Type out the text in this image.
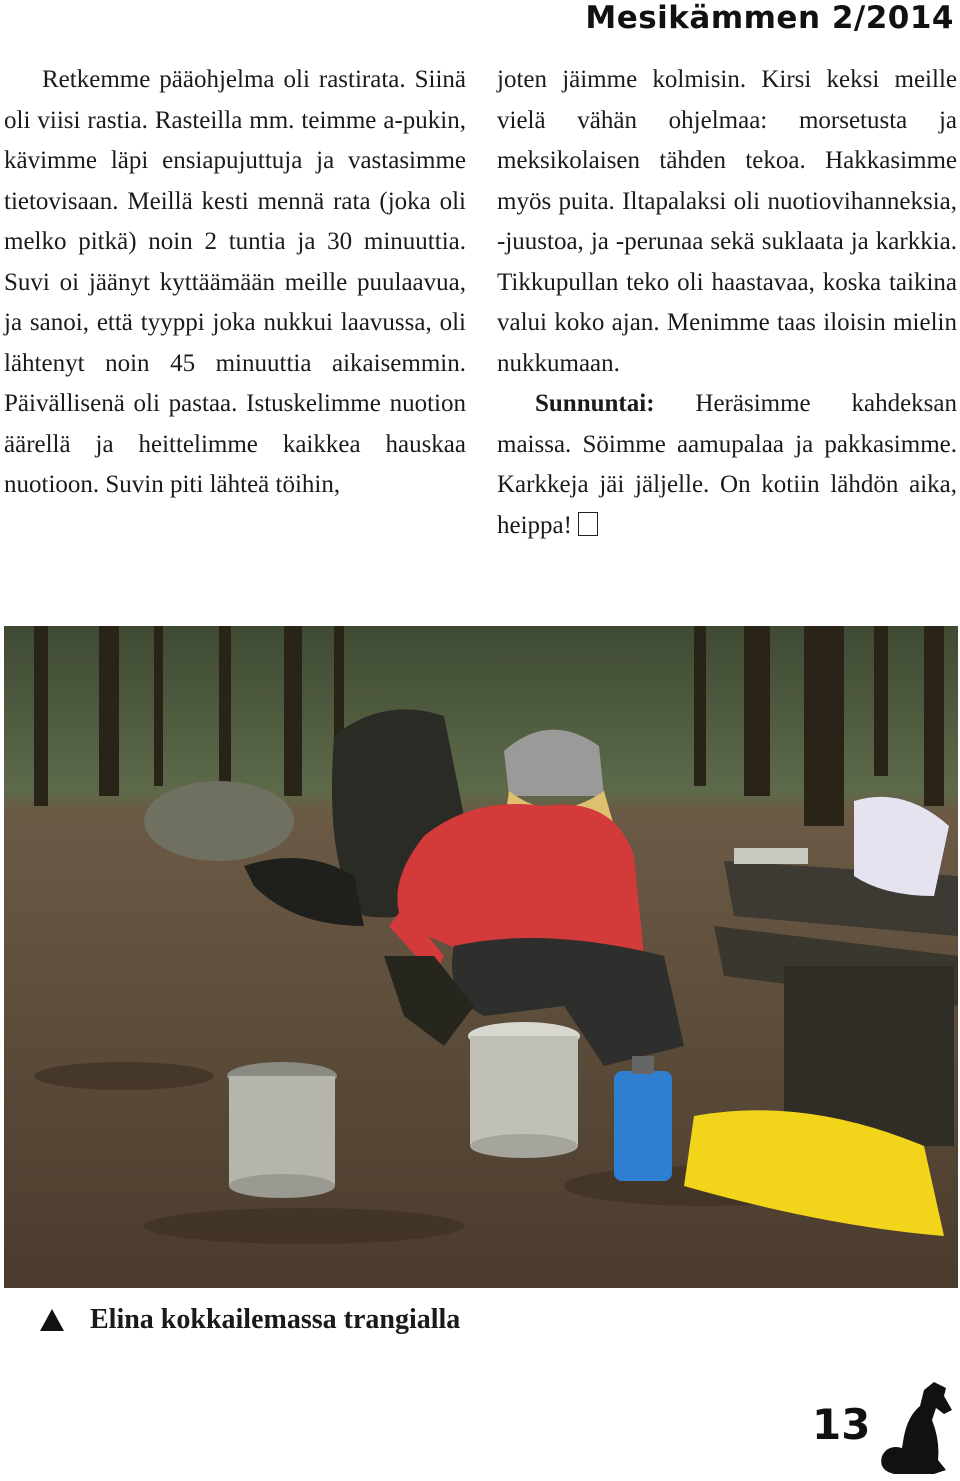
Mesikämmen 2/2014

Retkemme pääohjelma oli rastirata. Siinä oli viisi rastia. Rasteilla mm. teimme a-pukin, kävimme läpi ensiapujuttuja ja vastasimme tietovisaan. Meillä kesti mennä rata (joka oli melko pitkä) noin 2 tuntia ja 30 minuuttia. Suvi oi jäänyt kyttäämään meille puulaavua, ja sanoi, että tyyppi joka nukkui laavussa, oli lähtenyt noin 45 minuuttia aikaisemmin. Päivällisenä oli pastaa. Istuskelimme nuotion äärellä ja heittelimme kaikkea hauskaa nuotioon. Suvin piti lähteä töihin,

joten jäimme kolmisin. Kirsi keksi meille vielä vähän ohjelmaa: morsetusta ja meksikolaisen tähden tekoa. Hakkasimme myös puita. Iltapalaksi oli nuotiovihanneksia, -juustoa, ja -perunaa sekä suklaata ja karkkia. Tikkupullan teko oli haastavaa, koska taikina valui koko ajan. Menimme taas iloisin mielin nukkumaan.

Sunnuntai: Heräsimme kahdeksan maissa. Söimme aamupalaa ja pakkasimme. Karkkeja jäi jäljelle. On kotiin lähdön aika, heippa!

Elina kokkailemassa trangialla
13
